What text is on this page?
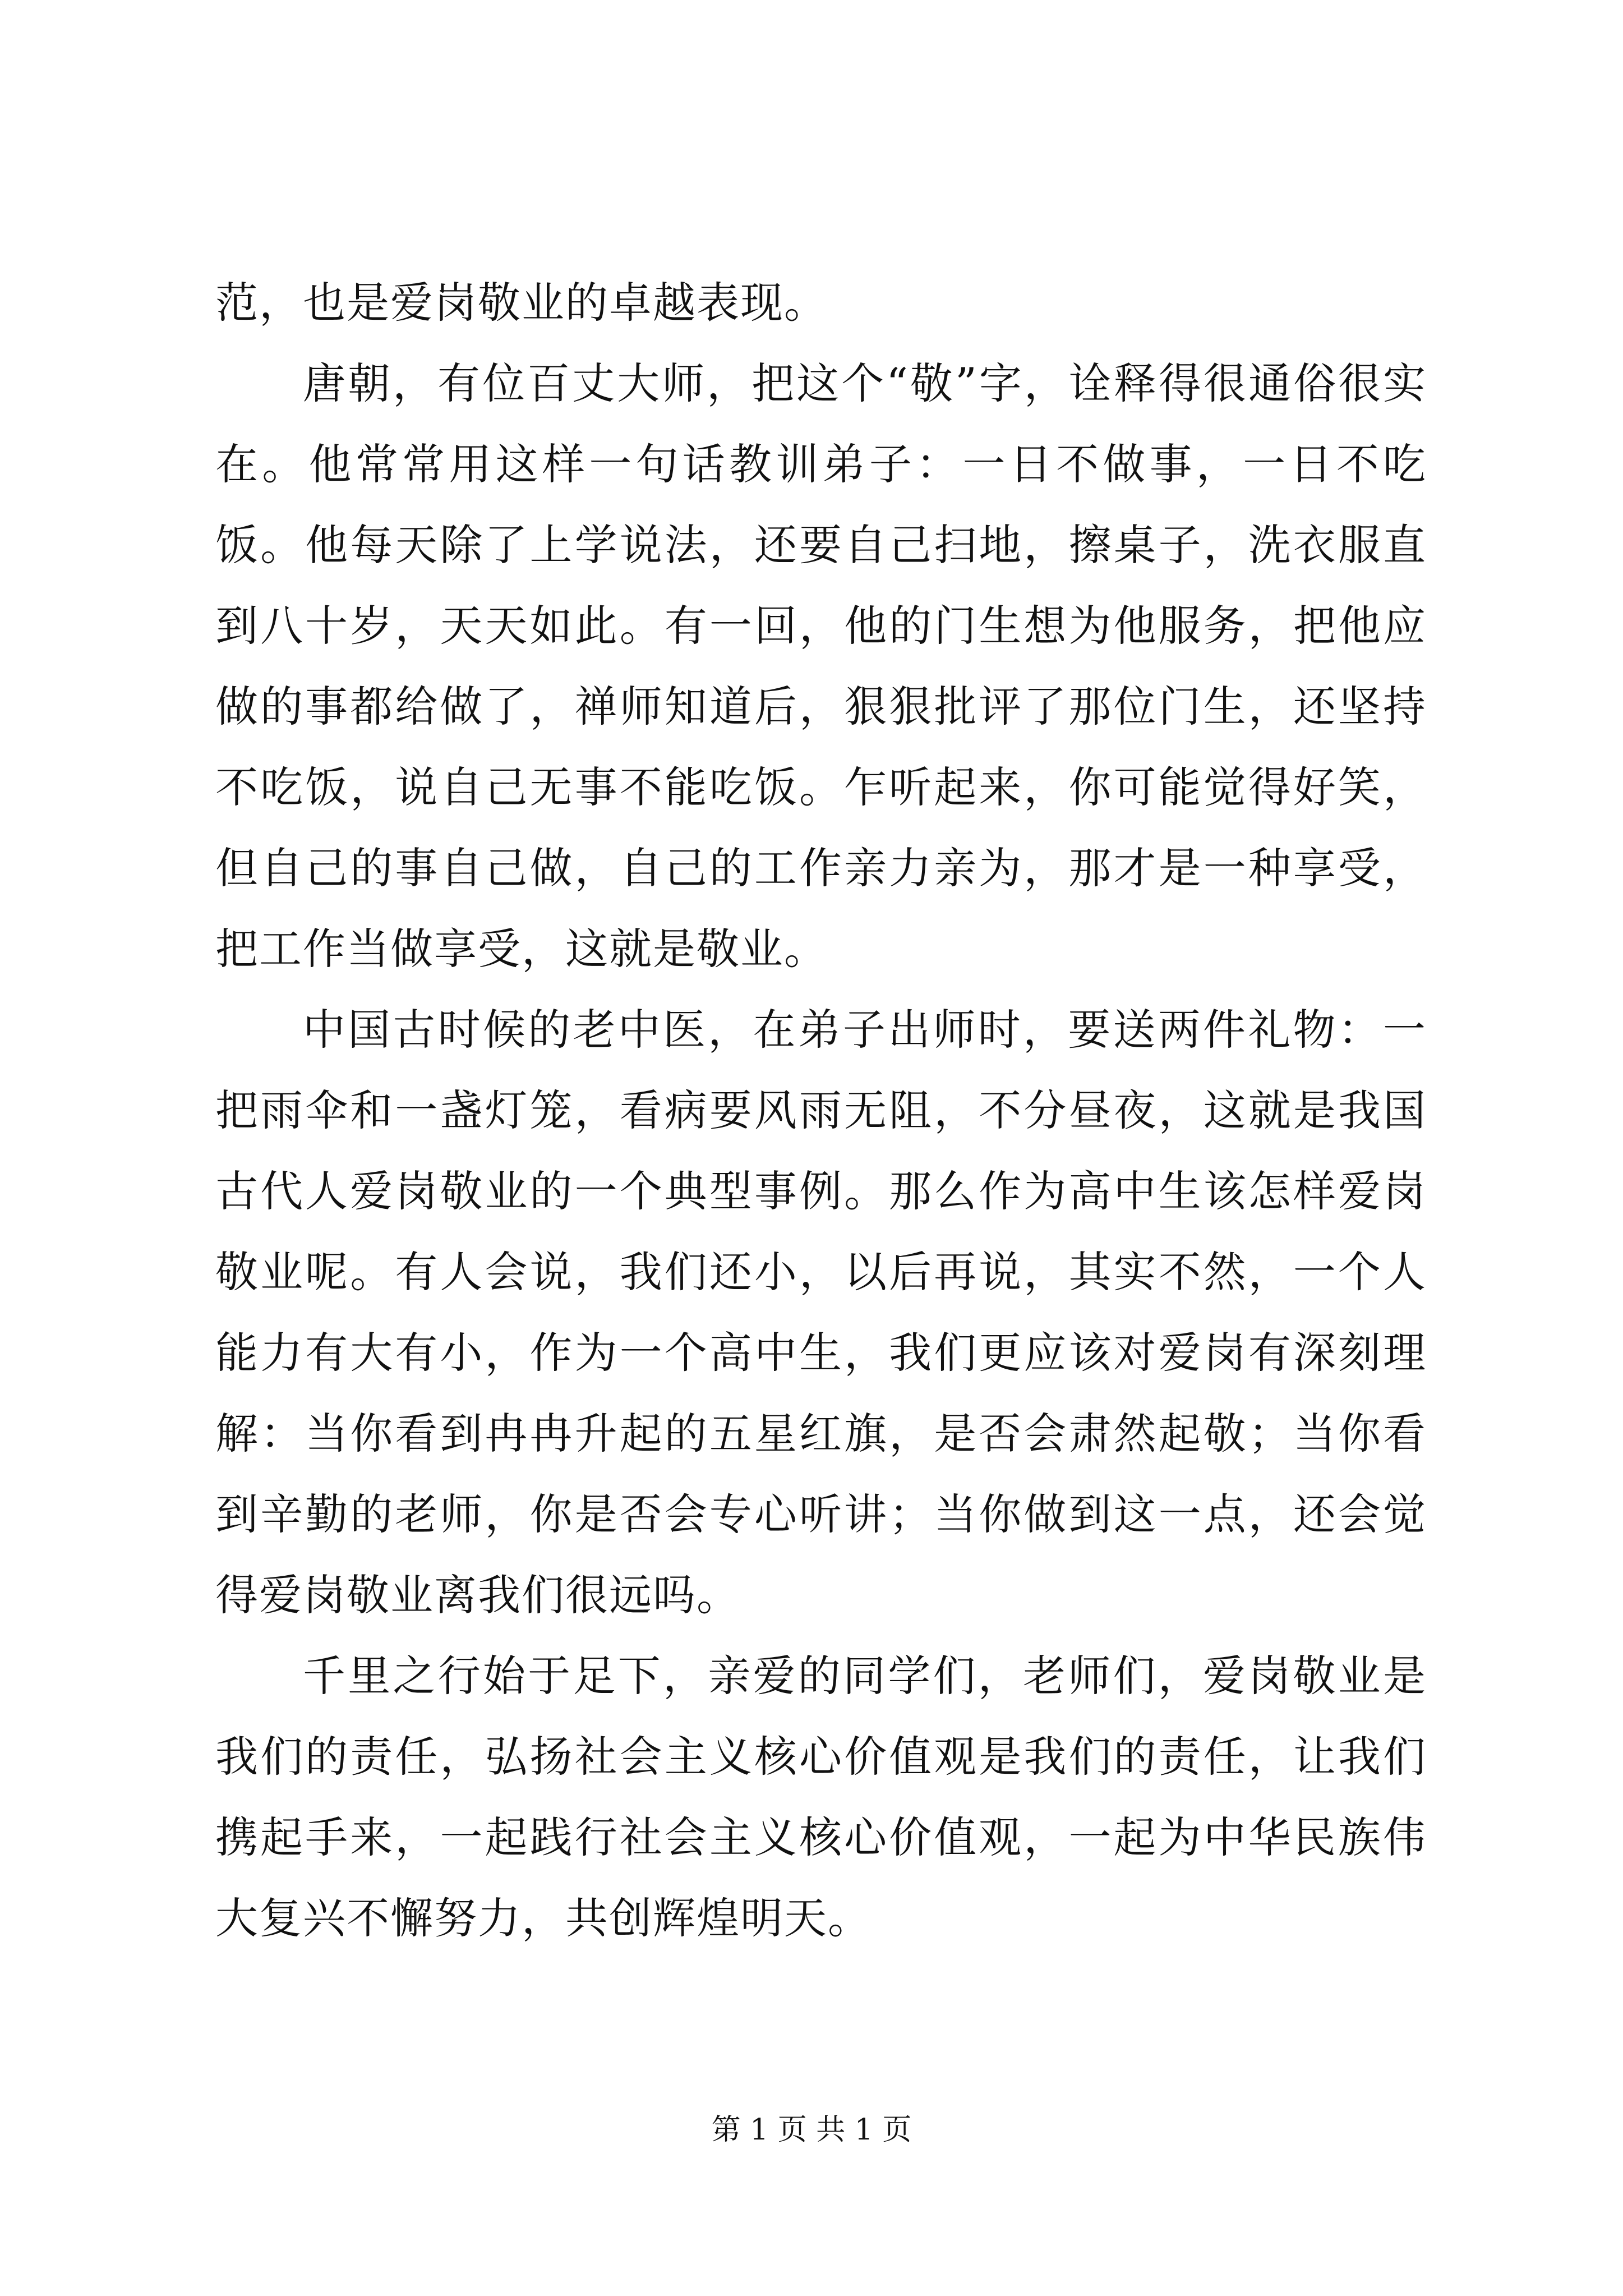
范，也是爱岗敬业的卓越表现。

唐朝，有位百丈大师，把这个“敬”字，诠释得很通俗很实在。他常常用这样一句话教训弟子：一日不做事，一日不吃饭。他每天除了上学说法，还要自己扫地，擦桌子，洗衣服直到八十岁，天天如此。有一回，他的门生想为他服务，把他应做的事都给做了，禅师知道后，狠狠批评了那位门生，还坚持不吃饭，说自己无事不能吃饭。乍听起来，你可能觉得好笑，但自己的事自己做，自己的工作亲力亲为，那才是一种享受，把工作当做享受，这就是敬业。

中国古时候的老中医，在弟子出师时，要送两件礼物：一把雨伞和一盏灯笼，看病要风雨无阻，不分昼夜，这就是我国古代人爱岗敬业的一个典型事例。那么作为高中生该怎样爱岗敬业呢。有人会说，我们还小，以后再说，其实不然，一个人能力有大有小，作为一个高中生，我们更应该对爱岗有深刻理解：当你看到冉冉升起的五星红旗，是否会肃然起敬；当你看到辛勤的老师，你是否会专心听讲；当你做到这一点，还会觉得爱岗敬业离我们很远吗。

千里之行始于足下，亲爱的同学们，老师们，爱岗敬业是我们的责任，弘扬社会主义核心价值观是我们的责任，让我们携起手来，一起践行社会主义核心价值观，一起为中华民族伟大复兴不懈努力，共创辉煌明天。

第 1 页 共 1 页
